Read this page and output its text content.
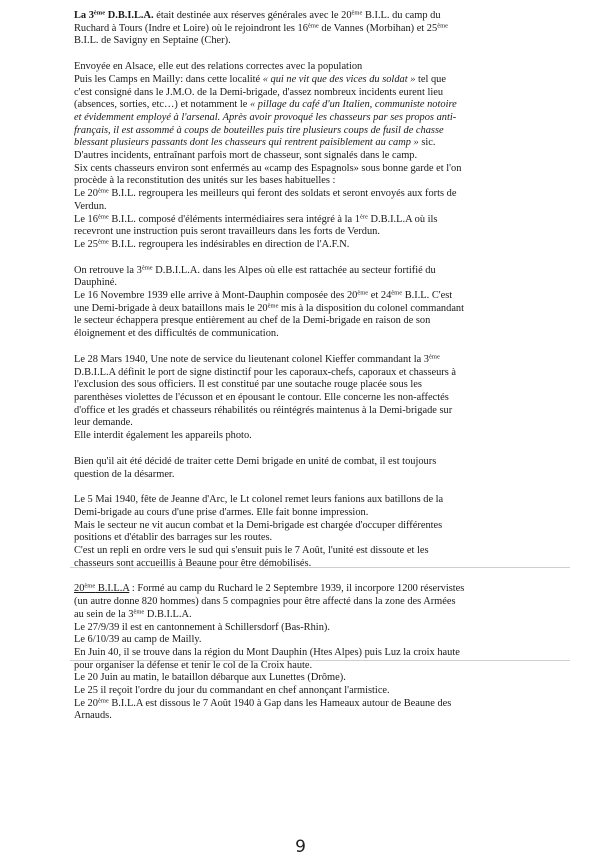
La 3ème D.B.I.L.A. était destinée aux réserves générales avec le 20ème B.I.L. du camp du
Ruchard à Tours (Indre et Loire) où le rejoindront les 16ème de Vannes (Morbihan) et 25ème
B.I.L. de Savigny en Septaine (Cher).
Envoyée en Alsace, elle eut des relations correctes avec la population
Puis les Camps en Mailly: dans cette localité « qui ne vit que des vices du soldat » tel que
c'est consigné dans le J.M.O. de la Demi-brigade, d'assez nombreux incidents eurent lieu
(absences, sorties, etc…) et notamment le « pillage du café d'un Italien, communiste notoire
et évidemment employé à l'arsenal. Après avoir provoqué les chasseurs par ses propos anti-
français, il est assommé à coups de bouteilles puis tire plusieurs coups de fusil de chasse
blessant plusieurs passants dont les chasseurs qui rentrent paisiblement au camp » sic.
D'autres incidents, entraînant parfois mort de chasseur, sont signalés dans le camp.
Six cents chasseurs environ sont enfermés au «camp des Espagnols» sous bonne garde et l'on
procède à la reconstitution des unités sur les bases habituelles :
Le 20ème B.I.L. regroupera les meilleurs qui feront des soldats et seront envoyés aux forts de
Verdun.
Le 16ème B.I.L. composé d'éléments intermédiaires sera intégré à la 1ère D.B.I.L.A où ils
recevront une instruction puis seront travailleurs dans les forts de Verdun.
Le 25ème B.I.L. regroupera les indésirables en direction de l'A.F.N.
On retrouve la 3ème D.B.I.L.A. dans les Alpes où elle est rattachée au secteur fortifié du
Dauphiné.
Le 16 Novembre 1939 elle arrive à Mont-Dauphin composée des 20ème et 24ème B.I.L. C'est
une Demi-brigade à deux bataillons mais le 20ème mis à la disposition du colonel commandant
le secteur échappera presque entièrement au chef de la Demi-brigade en raison de son
éloignement et des difficultés de communication.
Le 28 Mars 1940, Une note de service du lieutenant colonel Kieffer commandant la 3ème
D.B.I.L.A définit le port de signe distinctif pour les caporaux-chefs, caporaux et chasseurs à
l'exclusion des sous officiers. Il est constitué par une soutache rouge placée sous les
parenthèses violettes de l'écusson et en épousant le contour. Elle concerne les non-affectés
d'office et les gradés et chasseurs réhabilités ou réintégrés maintenus à la Demi-brigade sur
leur demande.
Elle interdit également les appareils photo.
Bien qu'il ait été décidé de traiter cette Demi brigade en unité de combat, il est toujours
question de la désarmer.
Le 5 Mai 1940, fête de Jeanne d'Arc, le Lt colonel remet leurs fanions aux batillons de la
Demi-brigade au cours d'une prise d'armes. Elle fait bonne impression.
Mais le secteur ne vit aucun combat et la Demi-brigade est chargée d'occuper différentes
positions et d'établir des barrages sur les routes.
C'est un repli en ordre vers le sud qui s'ensuit puis le 7 Août, l'unité est dissoute et les
chasseurs sont accueillis à Beaune pour être démobilisés.
20ème B.I.L.A : Formé au camp du Ruchard le 2 Septembre 1939, il incorpore 1200 réservistes
(un autre donne 820 hommes) dans 5 compagnies pour être affecté dans la zone des Armées
au sein de la 3ème D.B.I.L.A.
Le 27/9/39 il est en cantonnement à Schillersdorf (Bas-Rhin).
Le 6/10/39 au camp de Mailly.
En Juin 40, il se trouve dans la région du Mont Dauphin (Htes Alpes) puis Luz la croix haute
pour organiser la défense et tenir le col de la Croix haute.
Le 20 Juin au matin, le bataillon débarque aux Lunettes (Drôme).
Le 25 il reçoit l'ordre du jour du commandant en chef annonçant l'armistice.
Le 20ème B.I.L.A est dissous le 7 Août 1940 à Gap dans les Hameaux autour de Beaune des
Arnauds.
9
